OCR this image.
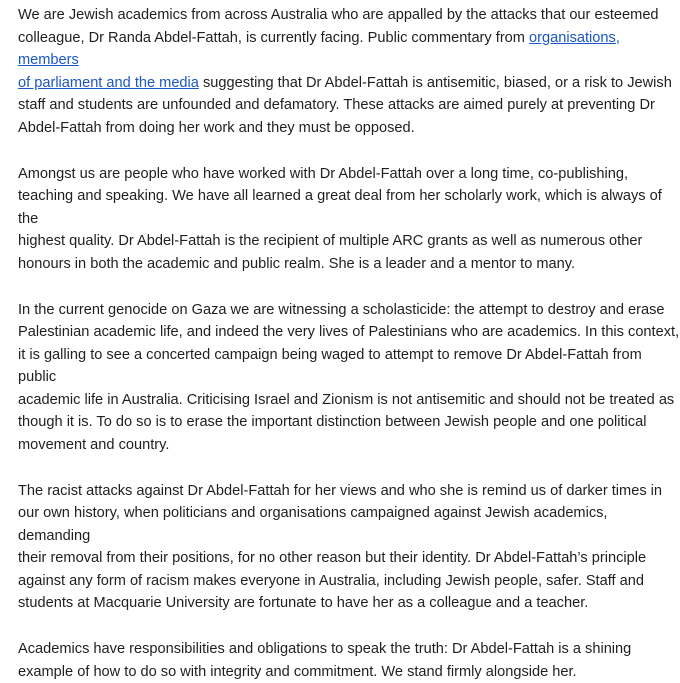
We are Jewish academics from across Australia who are appalled by the attacks that our esteemed
colleague, Dr Randa Abdel-Fattah, is currently facing. Public commentary from organisations, members
of parliament and the media suggesting that Dr Abdel-Fattah is antisemitic, biased, or a risk to Jewish
staff and students are unfounded and defamatory. These attacks are aimed purely at preventing Dr
Abdel-Fattah from doing her work and they must be opposed.

Amongst us are people who have worked with Dr Abdel-Fattah over a long time, co-publishing,
teaching and speaking. We have all learned a great deal from her scholarly work, which is always of the
highest quality. Dr Abdel-Fattah is the recipient of multiple ARC grants as well as numerous other
honours in both the academic and public realm. She is a leader and a mentor to many.

In the current genocide on Gaza we are witnessing a scholasticide: the attempt to destroy and erase
Palestinian academic life, and indeed the very lives of Palestinians who are academics. In this context,
it is galling to see a concerted campaign being waged to attempt to remove Dr Abdel-Fattah from public
academic life in Australia. Criticising Israel and Zionism is not antisemitic and should not be treated as
though it is. To do so is to erase the important distinction between Jewish people and one political
movement and country.

The racist attacks against Dr Abdel-Fattah for her views and who she is remind us of darker times in
our own history, when politicians and organisations campaigned against Jewish academics, demanding
their removal from their positions, for no other reason but their identity. Dr Abdel-Fattah’s principle
against any form of racism makes everyone in Australia, including Jewish people, safer. Staff and
students at Macquarie University are fortunate to have her as a colleague and a teacher.

Academics have responsibilities and obligations to speak the truth: Dr Abdel-Fattah is a shining
example of how to do so with integrity and commitment. We stand firmly alongside her.
